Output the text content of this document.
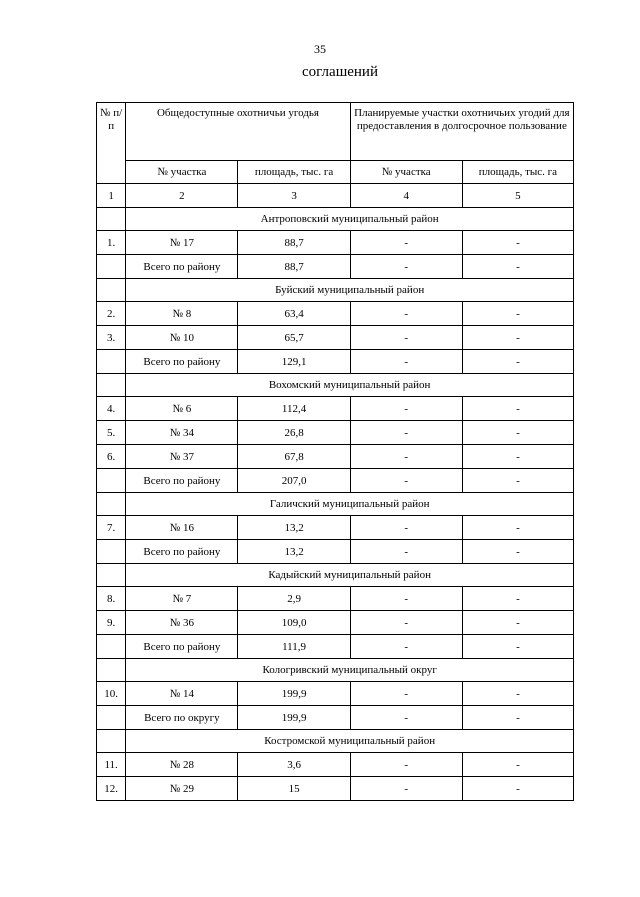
35
соглашений
№ п/п	Общедоступные охотничьи угодья		Планируемые участки охотничьих угодий для предоставления в долгосрочное пользование	
	№ участка	площадь, тыс. га	№ участка	площадь, тыс. га
1	2	3	4	5
	Антроповский муниципальный район			
1.	№ 17	88,7	-	-
	Всего по району	88,7	-	-
	Буйский муниципальный район			
2.	№ 8	63,4	-	-
3.	№ 10	65,7	-	-
	Всего по району	129,1	-	-
	Вохомский муниципальный район			
4.	№ 6	112,4	-	-
5.	№ 34	26,8	-	-
6.	№ 37	67,8	-	-
	Всего по району	207,0	-	-
	Галичский муниципальный район			
7.	№ 16	13,2	-	-
	Всего по району	13,2	-	-
	Кадыйский муниципальный район			
8.	№ 7	2,9	-	-
9.	№ 36	109,0	-	-
	Всего по району	111,9	-	-
	Кологривский муниципальный округ			
10.	№ 14	199,9	-	-
	Всего по округу	199,9	-	-
	Костромской муниципальный район			
11.	№ 28	3,6	-	-
12.	№ 29	15	-	-
